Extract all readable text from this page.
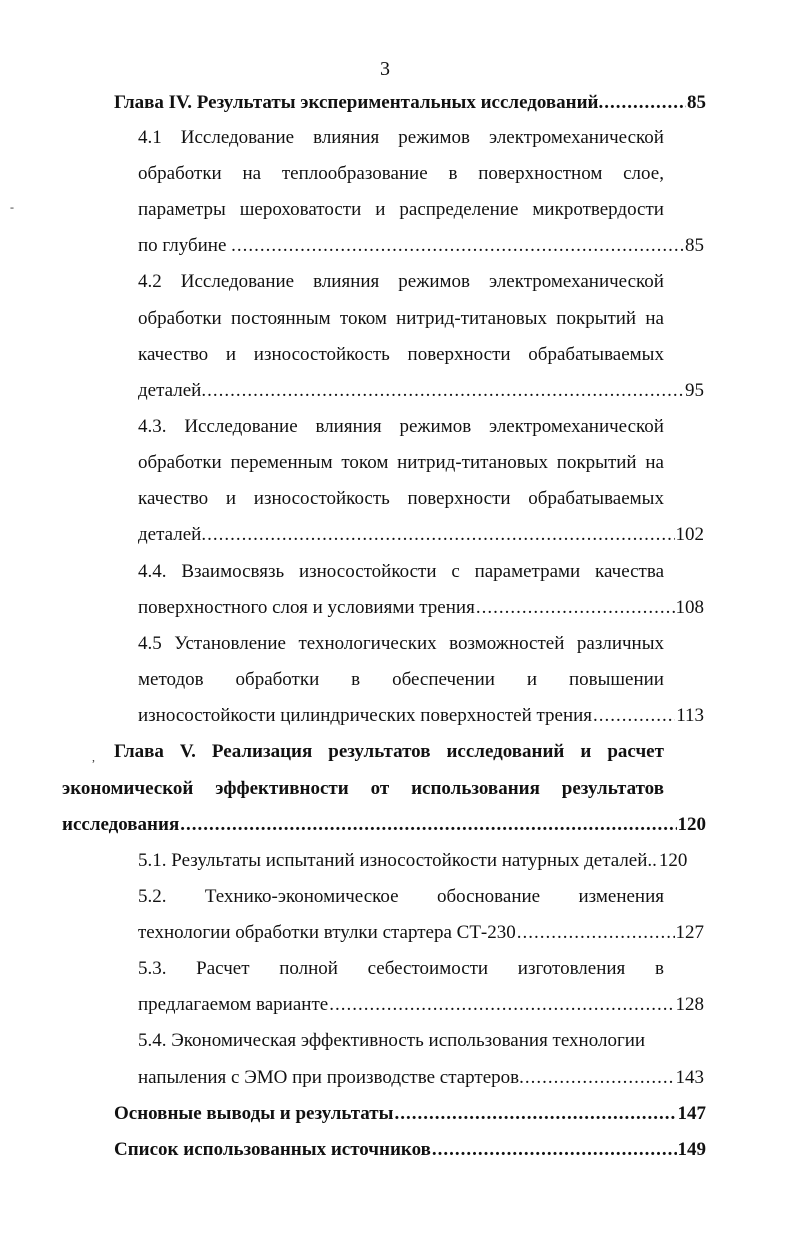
3
Глава IV. Результаты экспериментальных исследований. .....	85
4.1 Исследование влияния режимов электромеханической
обработки на теплообразование в поверхностном слое,
параметры шероховатости и распределение микротвердости
по глубине . .....	85
4.2 Исследование влияния режимов электромеханической
обработки постоянным током нитрид-титановых покрытий на
качество и износостойкость поверхности обрабатываемых
деталей. .....	95
4.3. Исследование влияния режимов электромеханической
обработки переменным током нитрид-титановых покрытий на
качество и износостойкость поверхности обрабатываемых
деталей. .....	102
4.4. Взаимосвязь износостойкости с параметрами качества
поверхностного слоя и условиями трения .....	108
4.5 Установление технологических возможностей различных
методов обработки в обеспечении и повышении
износостойкости цилиндрических поверхностей трения .....	113
Глава V. Реализация результатов исследований и расчет
экономической эффективности от использования результатов
исследования .....	120
5.1. Результаты испытаний износостойкости натурных деталей.. 120
5.2. Технико-экономическое обоснование изменения
технологии обработки втулки стартера СТ-230 .....	127
5.3. Расчет полной себестоимости изготовления в
предлагаемом варианте .....	128
5.4. Экономическая эффективность использования технологии
напыления с ЭМО при производстве стартеров. .....	143
Основные выводы и результаты .....	147
Список использованных источников .....	149
-
,
